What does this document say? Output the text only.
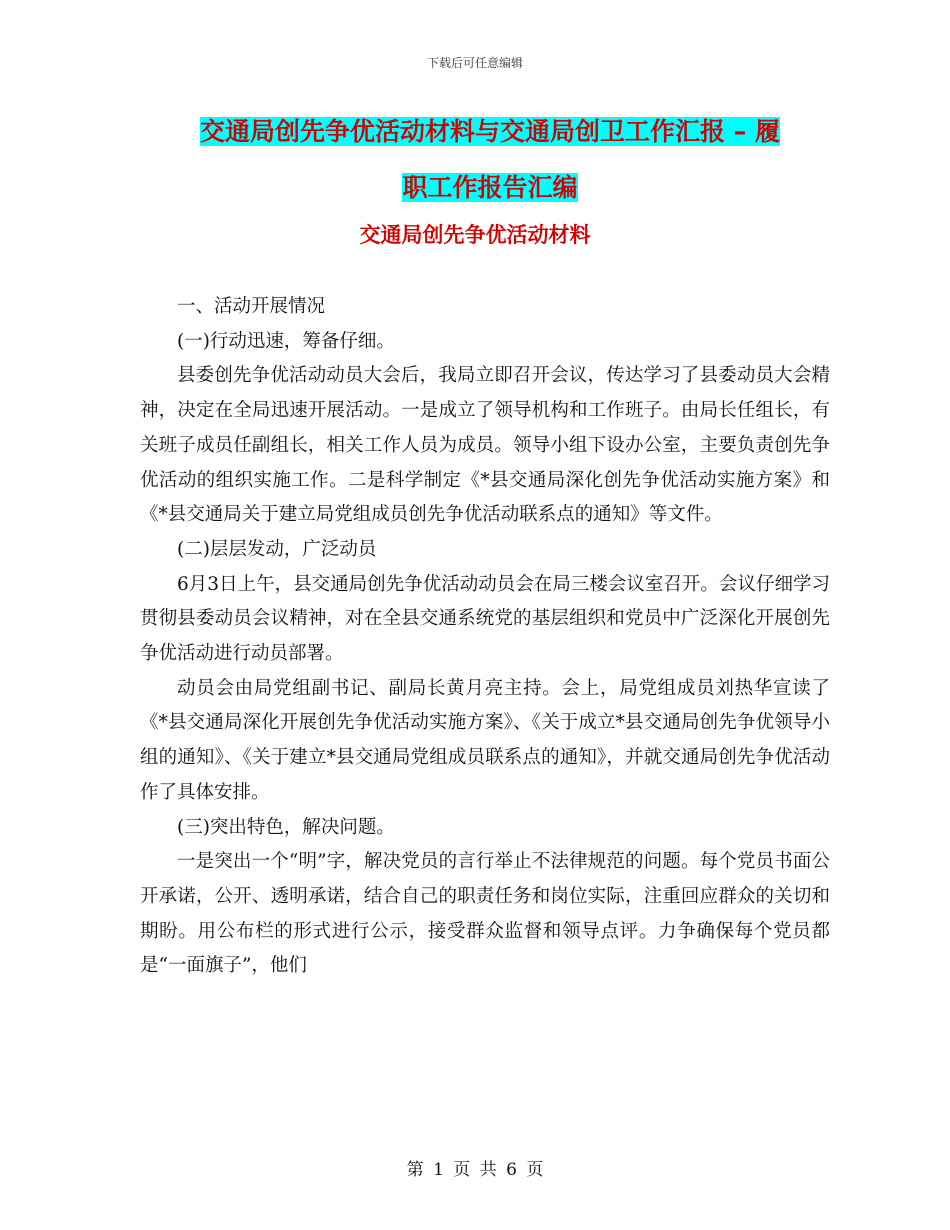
下载后可任意编辑
交通局创先争优活动材料与交通局创卫工作汇报 – 履
职工作报告汇编
交通局创先争优活动材料

一、活动开展情况

(一)行动迅速，筹备仔细。

县委创先争优活动动员大会后，我局立即召开会议，传达学习了县委动员大会精神，决定在全局迅速开展活动。一是成立了领导机构和工作班子。由局长任组长，有关班子成员任副组长，相关工作人员为成员。领导小组下设办公室，主要负责创先争优活动的组织实施工作。二是科学制定《*县交通局深化创先争优活动实施方案》和《*县交通局关于建立局党组成员创先争优活动联系点的通知》等文件。

(二)层层发动，广泛动员

6月3日上午，县交通局创先争优活动动员会在局三楼会议室召开。会议仔细学习贯彻县委动员会议精神，对在全县交通系统党的基层组织和党员中广泛深化开展创先争优活动进行动员部署。

动员会由局党组副书记、副局长黄月亮主持。会上，局党组成员刘热华宣读了《*县交通局深化开展创先争优活动实施方案》、《关于成立*县交通局创先争优领导小组的通知》、《关于建立*县交通局党组成员联系点的通知》，并就交通局创先争优活动作了具体安排。

(三)突出特色，解决问题。

一是突出一个“明”字，解决党员的言行举止不法律规范的问题。每个党员书面公开承诺，公开、透明承诺，结合自己的职责任务和岗位实际，注重回应群众的关切和期盼。用公布栏的形式进行公示，接受群众监督和领导点评。力争确保每个党员都是“一面旗子”，他们

第 1 页 共 6 页
